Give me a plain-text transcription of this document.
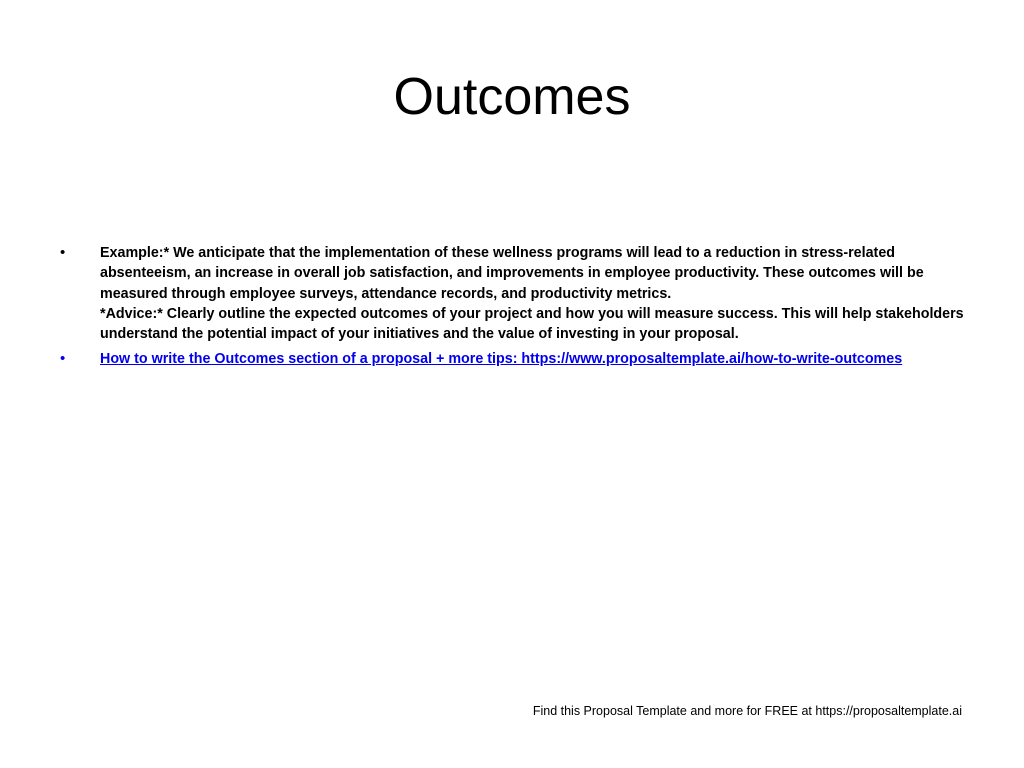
Outcomes
• Example:* We anticipate that the implementation of these wellness programs will lead to a reduction in stress-related absenteeism, an increase in overall job satisfaction, and improvements in employee productivity. These outcomes will be measured through employee surveys, attendance records, and productivity metrics.

*Advice:* Clearly outline the expected outcomes of your project and how you will measure success. This will help stakeholders understand the potential impact of your initiatives and the value of investing in your proposal.

• How to write the Outcomes section of a proposal + more tips: https://www.proposaltemplate.ai/how-to-write-outcomes
Find this Proposal Template and more for FREE at https://proposaltemplate.ai
